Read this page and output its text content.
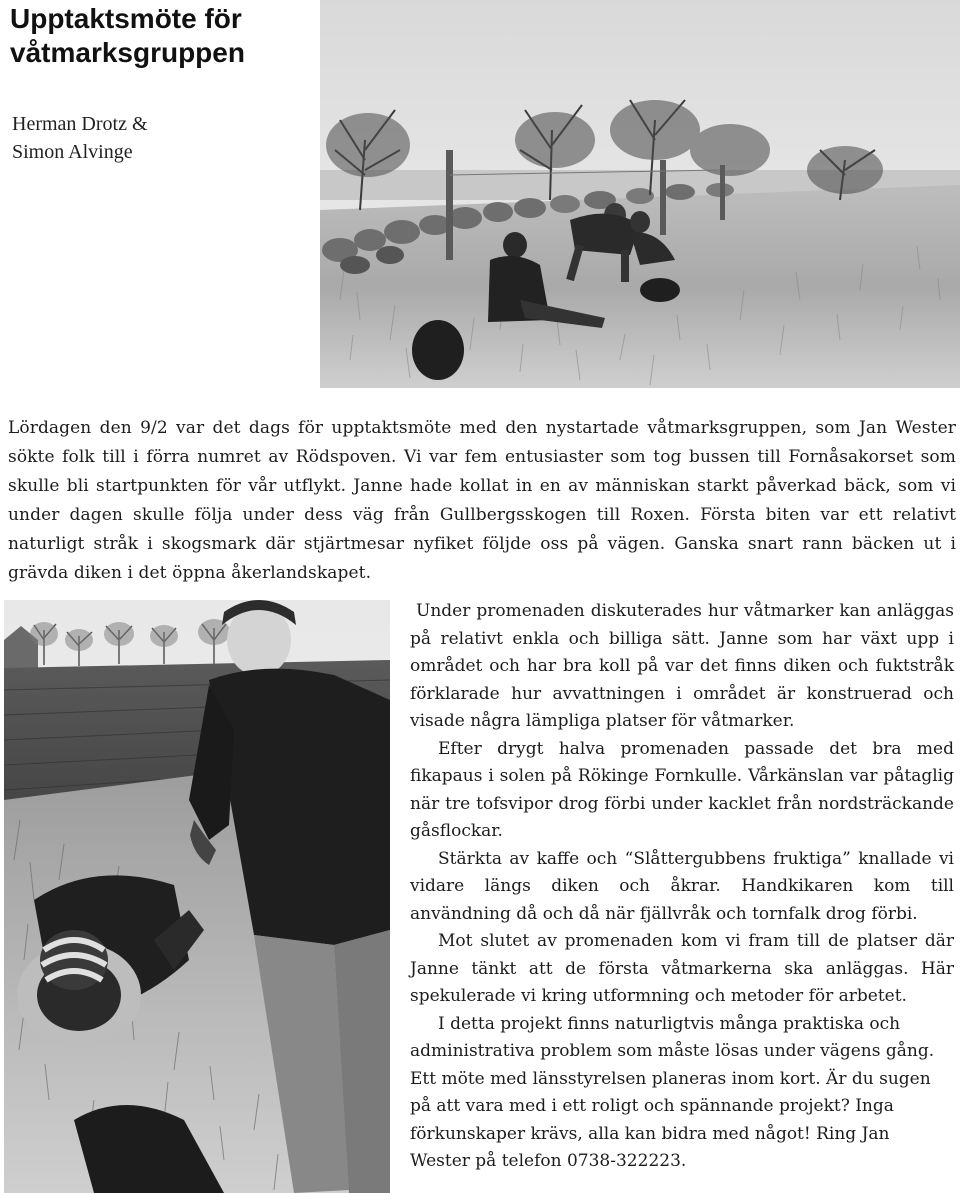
Upptaktsmöte för
våtmarksgruppen
Herman Drotz &
Simon Alvinge

Lördagen den 9/2 var det dags för upptaktsmöte med den nystartade våtmarksgruppen, som Jan Wester sökte folk till i förra numret av Rödspoven. Vi var fem entusiaster som tog bussen till Fornåsakorset som skulle bli startpunkten för vår utflykt. Janne hade kollat in en av människan starkt påverkad bäck, som vi under dagen skulle följa under dess väg från Gullbergsskogen till Roxen. Första biten var ett relativt naturligt stråk i skogsmark där stjärtmesar nyfiket följde oss på vägen. Ganska snart rann bäcken ut i grävda diken i det öppna åkerlandskapet.

Under promenaden diskuterades hur våtmarker kan anläggas på relativt enkla och billiga sätt. Janne som har växt upp i området och har bra koll på var det finns diken och fuktstråk förklarade hur avvattningen i området är konstruerad och visade några lämpliga platser för våtmarker.

Efter drygt halva promenaden passade det bra med fikapaus i solen på Rökinge Fornkulle. Vårkänslan var påtaglig när tre tofsvipor drog förbi under kacklet från nordsträckande gåsflockar.

Stärkta av kaffe och “Slåttergubbens fruktiga” knallade vi vidare längs diken och åkrar. Handkikaren kom till användning då och då när fjällvråk och tornfalk drog förbi.

Mot slutet av promenaden kom vi fram till de platser där Janne tänkt att de första våtmarkerna ska anläggas. Här spekulerade vi kring utformning och metoder för arbetet.

I detta projekt finns naturligtvis många praktiska och administrativa problem som måste lösas under vägens gång. Ett möte med länsstyrelsen planeras inom kort. Är du sugen på att vara med i ett roligt och spännande projekt? Inga förkunskaper krävs, alla kan bidra med något! Ring Jan Wester på telefon 0738-322223.
